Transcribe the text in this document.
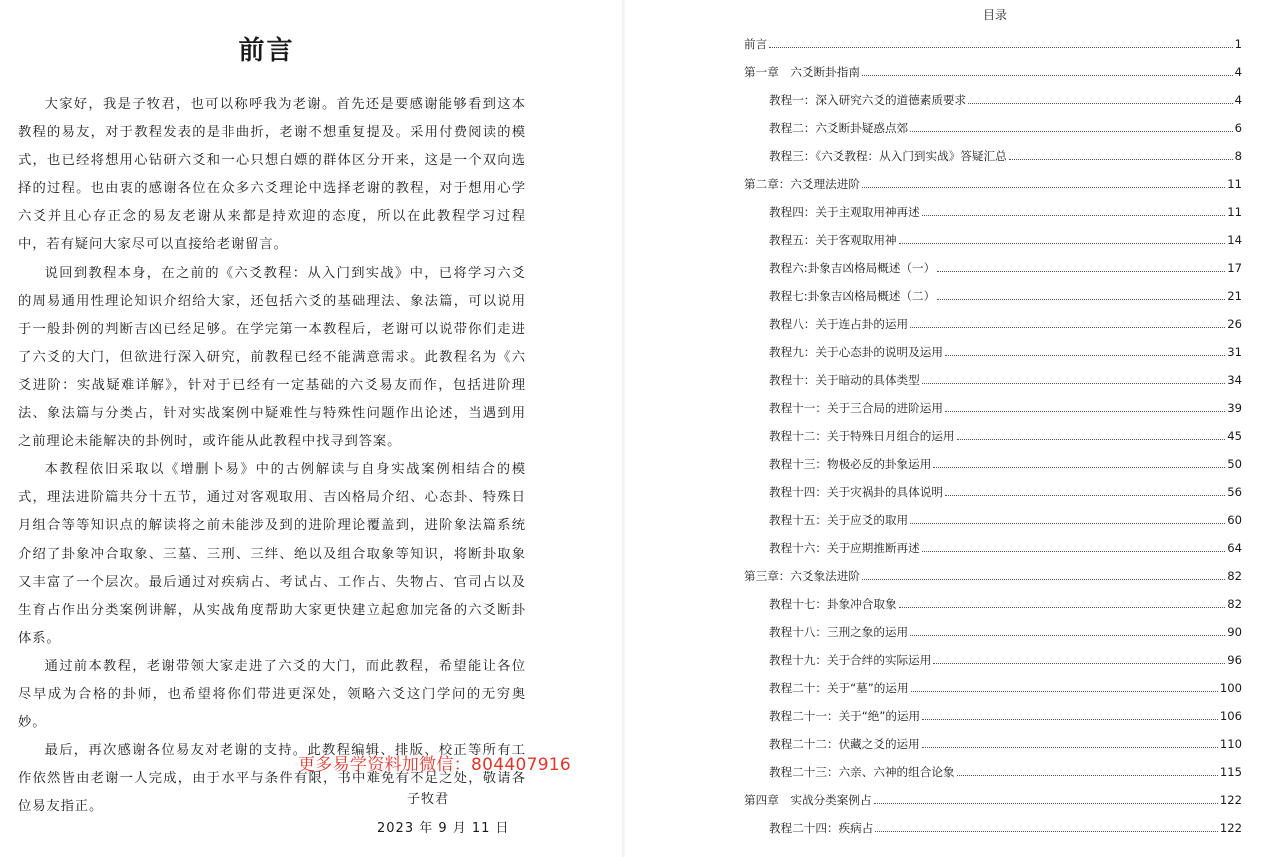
前言

大家好，我是子牧君，也可以称呼我为老谢。首先还是要感谢能够看到这本教程的易友，对于教程发表的是非曲折，老谢不想重复提及。采用付费阅读的模式，也已经将想用心钻研六爻和一心只想白嫖的群体区分开来，这是一个双向选择的过程。也由衷的感谢各位在众多六爻理论中选择老谢的教程，对于想用心学六爻并且心存正念的易友老谢从来都是持欢迎的态度，所以在此教程学习过程中，若有疑问大家尽可以直接给老谢留言。

说回到教程本身，在之前的《六爻教程：从入门到实战》中，已将学习六爻的周易通用性理论知识介绍给大家，还包括六爻的基础理法、象法篇，可以说用于一般卦例的判断吉凶已经足够。在学完第一本教程后，老谢可以说带你们走进了六爻的大门，但欲进行深入研究，前教程已经不能满意需求。此教程名为《六爻进阶：实战疑难详解》，针对于已经有一定基础的六爻易友而作，包括进阶理法、象法篇与分类占，针对实战案例中疑难性与特殊性问题作出论述，当遇到用之前理论未能解决的卦例时，或许能从此教程中找寻到答案。

本教程依旧采取以《增删卜易》中的古例解读与自身实战案例相结合的模式，理法进阶篇共分十五节，通过对客观取用、吉凶格局介绍、心态卦、特殊日月组合等等知识点的解读将之前未能涉及到的进阶理论覆盖到，进阶象法篇系统介绍了卦象冲合取象、三墓、三刑、三绊、绝以及组合取象等知识，将断卦取象又丰富了一个层次。最后通过对疾病占、考试占、工作占、失物占、官司占以及生育占作出分类案例讲解，从实战角度帮助大家更快建立起愈加完备的六爻断卦体系。

通过前本教程，老谢带领大家走进了六爻的大门，而此教程，希望能让各位尽早成为合格的卦师，也希望将你们带进更深处，领略六爻这门学问的无穷奥妙。

最后，再次感谢各位易友对老谢的支持。此教程编辑、排版、校正等所有工作依然皆由老谢一人完成，由于水平与条件有限，书中难免有不足之处，敬请各位易友指正。

更多易学资料加微信：804407916
子牧君
2023 年 9 月 11 日
目录
前言	1
第一章　六爻断卦指南	4
教程一：深入研究六爻的道德素质要求	4
教程二：六爻断卦疑惑点郊	6
教程三：《六爻教程：从入门到实战》答疑汇总	8
第二章：六爻理法进阶	11
教程四：关于主观取用神再述	11
教程五：关于客观取用神	14
教程六:卦象吉凶格局概述（一）	17
教程七:卦象吉凶格局概述（二）	21
教程八：关于连占卦的运用	26
教程九：关于心态卦的说明及运用	31
教程十：关于暗动的具体类型	34
教程十一：关于三合局的进阶运用	39
教程十二：关于特殊日月组合的运用	45
教程十三：物极必反的卦象运用	50
教程十四：关于灾祸卦的具体说明	56
教程十五：关于应爻的取用	60
教程十六：关于应期推断再述	64
第三章：六爻象法进阶	82
教程十七：卦象冲合取象	82
教程十八：三刑之象的运用	90
教程十九：关于合绊的实际运用	96
教程二十：关于“墓”的运用	100
教程二十一：关于“绝”的运用	106
教程二十二：伏藏之爻的运用	110
教程二十三：六亲、六神的组合论象	115
第四章　实战分类案例占	122
教程二十四：疾病占	122
